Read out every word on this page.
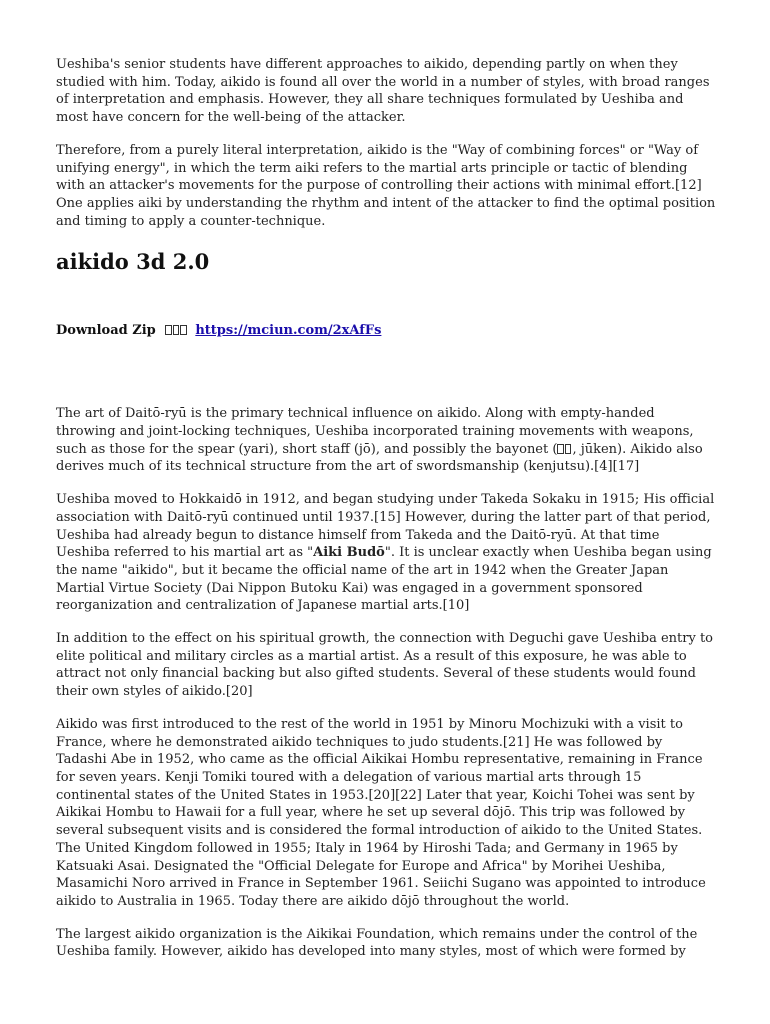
Ueshiba's senior students have different approaches to aikido, depending partly on when they studied with him. Today, aikido is found all over the world in a number of styles, with broad ranges of interpretation and emphasis. However, they all share techniques formulated by Ueshiba and most have concern for the well-being of the attacker.

Therefore, from a purely literal interpretation, aikido is the "Way of combining forces" or "Way of unifying energy", in which the term aiki refers to the martial arts principle or tactic of blending with an attacker's movements for the purpose of controlling their actions with minimal effort.[12] One applies aiki by understanding the rhythm and intent of the attacker to find the optimal position and timing to apply a counter-technique.

aikido 3d 2.0
Download Zip	https://mciun.com/2xAfFs

The art of Daitō-ryū is the primary technical influence on aikido. Along with empty-handed throwing and joint-locking techniques, Ueshiba incorporated training movements with weapons, such as those for the spear (yari), short staff (jō), and possibly the bayonet ( , jūken). Aikido also derives much of its technical structure from the art of swordsmanship (kenjutsu).[4][17]

Ueshiba moved to Hokkaidō in 1912, and began studying under Takeda Sokaku in 1915; His official association with Daitō-ryū continued until 1937.[15] However, during the latter part of that period, Ueshiba had already begun to distance himself from Takeda and the Daitō-ryū. At that time Ueshiba referred to his martial art as "Aiki Budō". It is unclear exactly when Ueshiba began using the name "aikido", but it became the official name of the art in 1942 when the Greater Japan Martial Virtue Society (Dai Nippon Butoku Kai) was engaged in a government sponsored reorganization and centralization of Japanese martial arts.[10]

In addition to the effect on his spiritual growth, the connection with Deguchi gave Ueshiba entry to elite political and military circles as a martial artist. As a result of this exposure, he was able to attract not only financial backing but also gifted students. Several of these students would found their own styles of aikido.[20]

Aikido was first introduced to the rest of the world in 1951 by Minoru Mochizuki with a visit to France, where he demonstrated aikido techniques to judo students.[21] He was followed by Tadashi Abe in 1952, who came as the official Aikikai Hombu representative, remaining in France for seven years. Kenji Tomiki toured with a delegation of various martial arts through 15 continental states of the United States in 1953.[20][22] Later that year, Koichi Tohei was sent by Aikikai Hombu to Hawaii for a full year, where he set up several dōjō. This trip was followed by several subsequent visits and is considered the formal introduction of aikido to the United States. The United Kingdom followed in 1955; Italy in 1964 by Hiroshi Tada; and Germany in 1965 by Katsuaki Asai. Designated the "Official Delegate for Europe and Africa" by Morihei Ueshiba, Masamichi Noro arrived in France in September 1961. Seiichi Sugano was appointed to introduce aikido to Australia in 1965. Today there are aikido dōjō throughout the world.

The largest aikido organization is the Aikikai Foundation, which remains under the control of the Ueshiba family. However, aikido has developed into many styles, most of which were formed by
